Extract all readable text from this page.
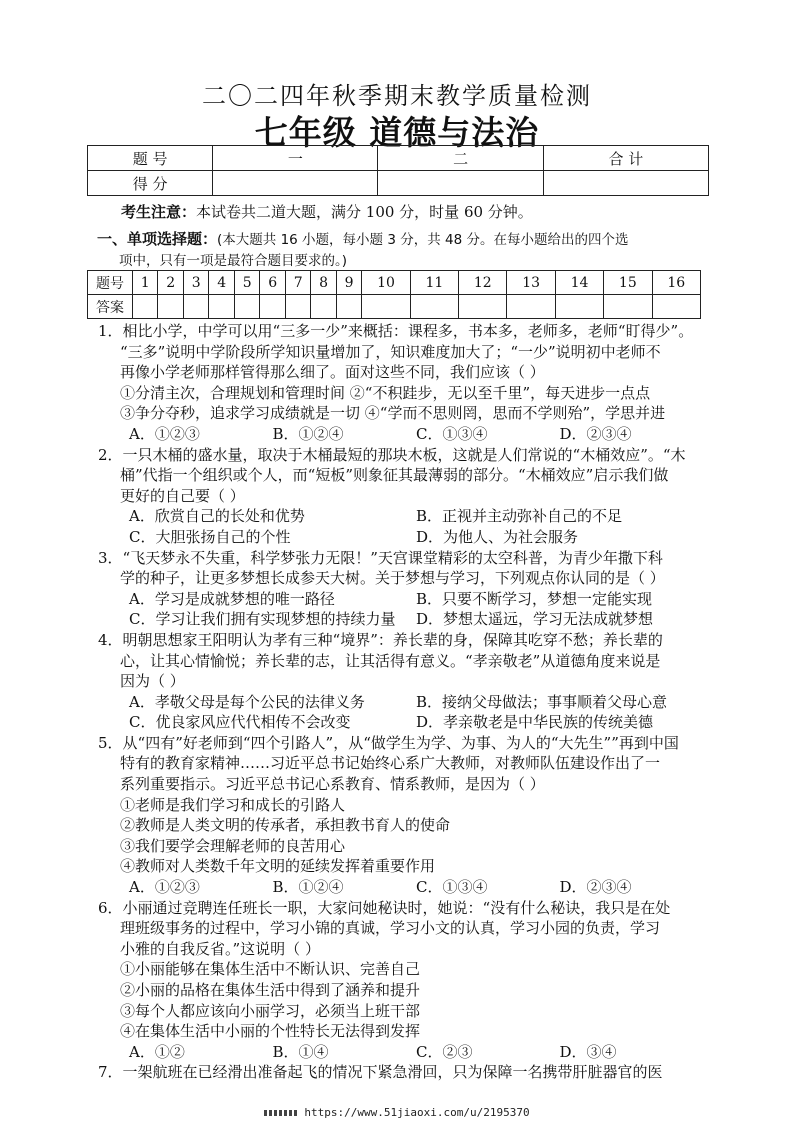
二〇二四年秋季期末教学质量检测
七年级 道德与法治
题 号	一	二	合 计
得 分			
考生注意：本试卷共二道大题，满分 100 分，时量 60 分钟。
一、单项选择题：(本大题共 16 小题，每小题 3 分，共 48 分。在每小题给出的四个选
项中，只有一项是最符合题目要求的。)
题号	1	2	3	4	5	6	7	8	9	10	11	12	13	14	15	16
答案																
1．相比小学，中学可以用“三多一少”来概括：课程多，书本多，老师多，老师“盯得少”。
“三多”说明中学阶段所学知识量增加了，知识难度加大了；“一少”说明初中老师不
再像小学老师那样管得那么细了。面对这些不同，我们应该（ ）
①分清主次，合理规划和管理时间 ②“不积跬步，无以至千里”，每天进步一点点
③争分夺秒，追求学习成绩就是一切 ④“学而不思则罔，思而不学则殆”，学思并进
A．①②③	B．①②④	C．①③④	D．②③④
2．一只木桶的盛水量，取决于木桶最短的那块木板，这就是人们常说的“木桶效应”。“木
桶”代指一个组织或个人，而“短板”则象征其最薄弱的部分。“木桶效应”启示我们做
更好的自己要（ ）
A．欣赏自己的长处和优势	B．正视并主动弥补自己的不足
C．大胆张扬自己的个性	D．为他人、为社会服务
3．“飞天梦永不失重，科学梦张力无限！”天宫课堂精彩的太空科普，为青少年撒下科
学的种子，让更多梦想长成参天大树。关于梦想与学习，下列观点你认同的是（ ）
A．学习是成就梦想的唯一路径	B．只要不断学习，梦想一定能实现
C．学习让我们拥有实现梦想的持续力量	D．梦想太遥远，学习无法成就梦想
4．明朝思想家王阳明认为孝有三种“境界”：养长辈的身，保障其吃穿不愁；养长辈的
心，让其心情愉悦；养长辈的志，让其活得有意义。“孝亲敬老”从道德角度来说是
因为（ ）
A．孝敬父母是每个公民的法律义务	B．接纳父母做法；事事顺着父母心意
C．优良家风应代代相传不会改变	D．孝亲敬老是中华民族的传统美德
5．从“四有”好老师到“四个引路人”，从“做学生为学、为事、为人的“大先生””再到中国
特有的教育家精神……习近平总书记始终心系广大教师，对教师队伍建设作出了一
系列重要指示。习近平总书记心系教育、情系教师，是因为（ ）
①老师是我们学习和成长的引路人
②教师是人类文明的传承者，承担教书育人的使命
③我们要学会理解老师的良苦用心
④教师对人类数千年文明的延续发挥着重要作用
A．①②③	B．①②④	C．①③④	D．②③④
6．小丽通过竞聘连任班长一职，大家问她秘诀时，她说：“没有什么秘诀，我只是在处
理班级事务的过程中，学习小锦的真诚，学习小文的认真，学习小园的负责，学习
小雅的自我反省。”这说明（ ）
①小丽能够在集体生活中不断认识、完善自己
②小丽的品格在集体生活中得到了涵养和提升
③每个人都应该向小丽学习，必须当上班干部
④在集体生活中小丽的个性特长无法得到发挥
A．①②	B．①④	C．②③	D．③④
7．一架航班在已经滑出准备起飞的情况下紧急滑回，只为保障一名携带肝脏器官的医
https://www.51jiaoxi.com/u/2195370
